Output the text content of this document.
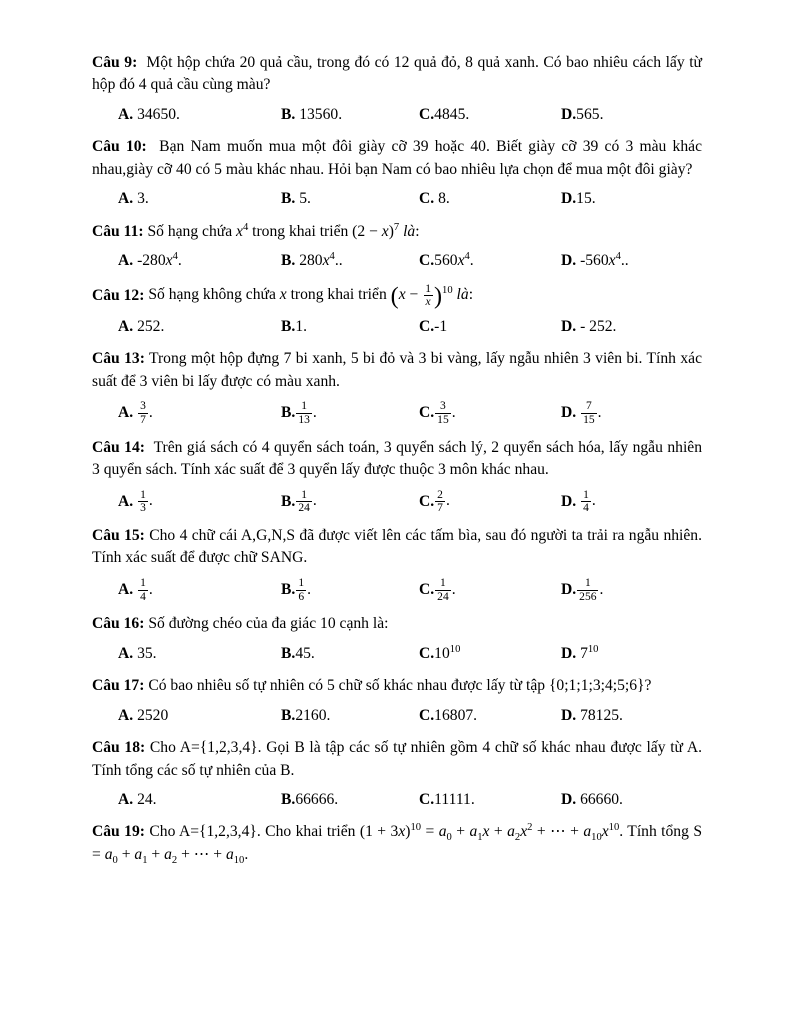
Câu 9:  Một hộp chứa 20 quả cầu, trong đó có 12 quả đỏ, 8 quả xanh. Có bao nhiêu cách lấy từ hộp đó 4 quả cầu cùng màu?

A. 34650.	B. 13560.	C.4845.	D.565.

Câu 10:  Bạn Nam muốn mua một đôi giày cỡ 39 hoặc 40. Biết giày cỡ 39 có 3 màu khác nhau,giày cỡ 40 có 5 màu khác nhau. Hỏi bạn Nam có bao nhiêu lựa chọn để mua một đôi giày?

A. 3.	B. 5.	C. 8.	D.15.

Câu 11: Số hạng chứa $x^4$ trong khai triển $(2 - x)^7$ là:

A. $-280x^4$.	B. $280x^4$..	$C.560x^4$.	D. $-560x^4$..

Câu 12: Số hạng không chứa x trong khai triển $(x - \frac{1}{x} )^{10}$ là:

A. 252.	B.1.	C.-1	D. - 252.

Câu 13: Trong một hộp đựng 7 bi xanh, 5 bi đỏ và 3 bi vàng, lấy ngẫu nhiên 3 viên bi. Tính xác suất để 3 viên bi lấy được có màu xanh.

A. $\frac{3}{7}$ .	B. $\frac{1}{13}$ .	C. $\frac{3}{15}$ .	D. $\frac{7}{15}$ .

Câu 14:  Trên giá sách có 4 quyển sách toán, 3 quyển sách lý, 2 quyển sách hóa, lấy ngẫu nhiên 3 quyển sách. Tính xác suất để 3 quyển lấy được thuộc 3 môn khác nhau.

A. $\frac{1}{3}$ .	B. $\frac{1}{24}$ .	C. $\frac{2}{7}$ .	D. $\frac{1}{4}$ .

Câu 15: Cho 4 chữ cái A,G,N,S đã được viết lên các tấm bìa, sau đó người ta trải ra ngẫu nhiên. Tính xác suất để được chữ SANG.

A. $\frac{1}{4}$ .	B. $\frac{1}{6}$ .	C. $\frac{1}{24}$ .	D. $\frac{1}{256}$ .

Câu 16: Số đường chéo của đa giác 10 cạnh là:

A. 35.	B.45.	$C.10^{10}$	D. $7^{10}$

Câu 17: Có bao nhiêu số tự nhiên có 5 chữ số khác nhau được lấy từ tập {0;1;1;3;4;5;6}?

A. 2520	B.2160.	C.16807.	D. 78125.

Câu 18: Cho A={1,2,3,4}. Gọi B là tập các số tự nhiên gồm 4 chữ số khác nhau được lấy từ A. Tính tổng các số tự nhiên của B.

A. 24.	B.66666.	C.11111.	D. 66660.

Câu 19: Cho A={1,2,3,4}. Cho khai triển $(1 + 3x)^{10} = a_0 + a_1x + a_2x^2$ + ⋯ + $a_{10}x^{10}$. Tính tổng $S = a_0 + a_1 + a_2$ + ⋯ + $a_{10}$.
